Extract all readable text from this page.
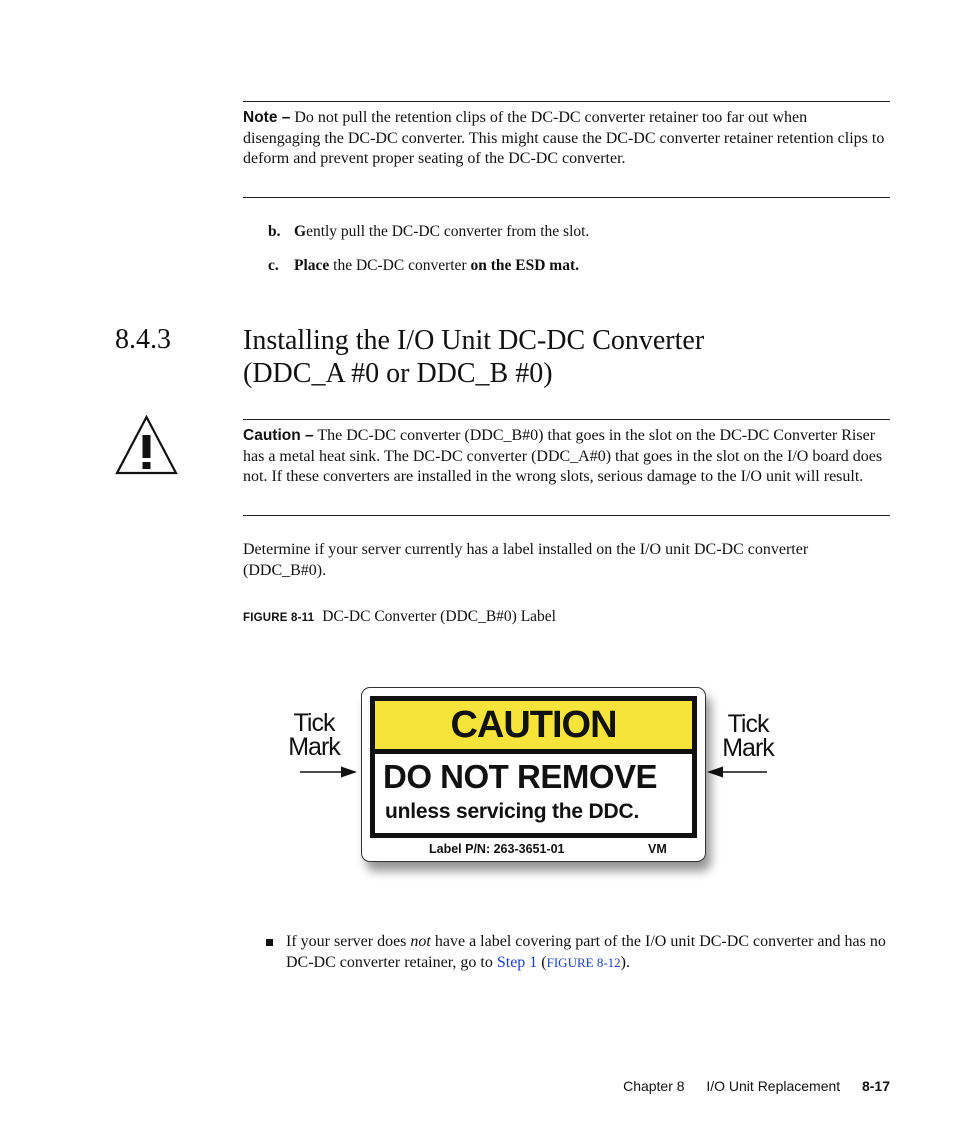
Note – Do not pull the retention clips of the DC-DC converter retainer too far out when disengaging the DC-DC converter. This might cause the DC-DC converter retainer retention clips to deform and prevent proper seating of the DC-DC converter.
b. Gently pull the DC-DC converter from the slot.
c. Place the DC-DC converter on the ESD mat.
8.4.3	Installing the I/O Unit DC-DC Converter
(DDC_A #0 or DDC_B #0)
Caution – The DC-DC converter (DDC_B#0) that goes in the slot on the DC-DC Converter Riser has a metal heat sink. The DC-DC converter (DDC_A#0) that goes in the slot on the I/O board does not. If these converters are installed in the wrong slots, serious damage to the I/O unit will result.
Determine if your server currently has a label installed on the I/O unit DC-DC converter (DDC_B#0).
FIGURE 8-11 DC-DC Converter (DDC_B#0) Label
Tick
Mark
Tick
Mark
CAUTION
DO NOT REMOVE
unless servicing the DDC.
Label P/N: 263-3651-01	VM
If your server does not have a label covering part of the I/O unit DC-DC converter and has no DC-DC converter retainer, go to Step 1 (FIGURE 8-12).
Chapter 8 I/O Unit Replacement 8-17
